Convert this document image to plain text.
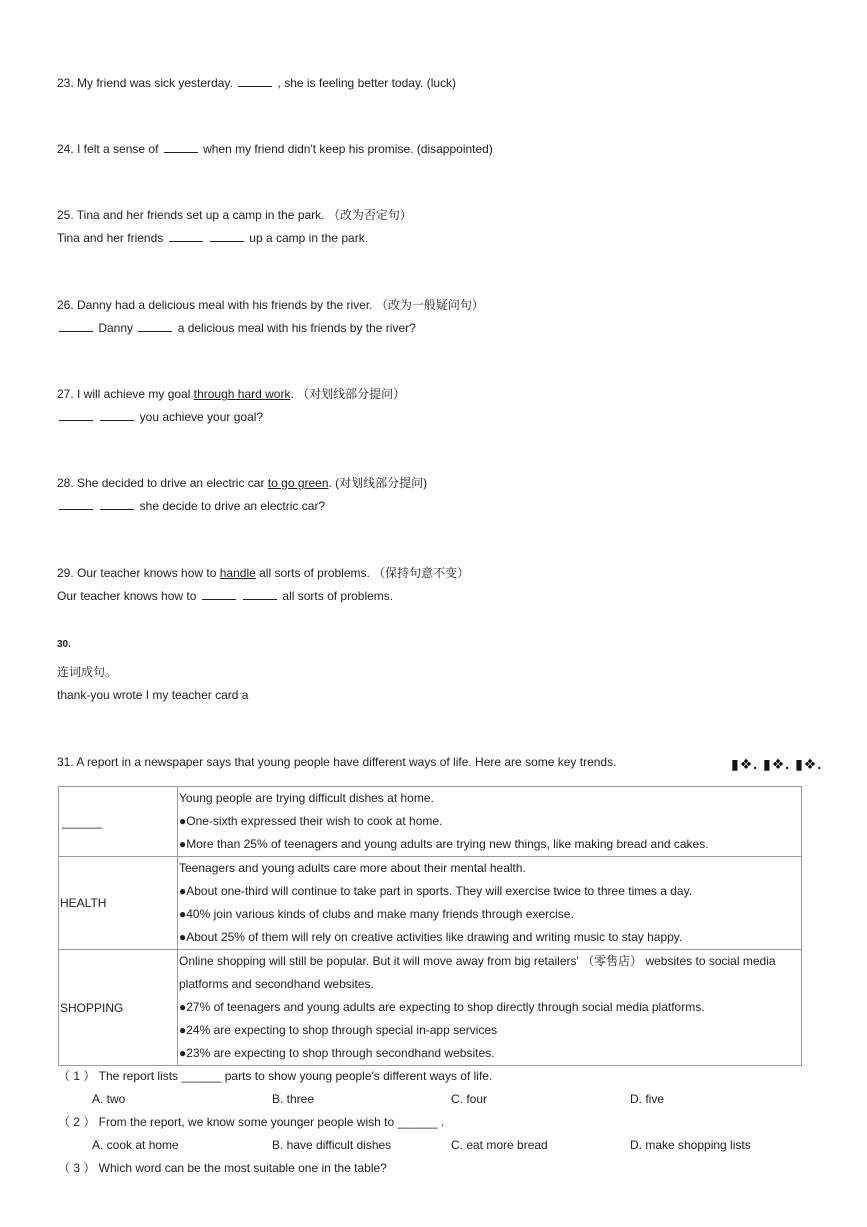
23. My friend was sick yesterday.	, she is feeling better today. (luck)
24. I felt a sense of	when my friend didn't keep his promise. (disappointed)
25. Tina and her friends set up a camp in the park. （改为否定句）
Tina and her friends	up a camp in the park.
26. Danny had a delicious meal with his friends by the river. （改为一般疑问句）
Danny	a delicious meal with his friends by the river?
27. I will achieve my goal through hard work. （对划线部分提问）
you achieve your goal?
28. She decided to drive an electric car to go green. (对划线部分提问)
she decide to drive an electric car?
29. Our teacher knows how to handle all sorts of problems. （保持句意不变）
Our teacher knows how to	all sorts of problems.
30.
连词成句。
thank-you wrote I my teacher card a
31. A report in a newspaper says that young people have different ways of life. Here are some key trends.	▮❖. ▮❖. ▮❖.
______	Young people are trying difficult dishes at home.
●One-sixth expressed their wish to cook at home.
●More than 25% of teenagers and young adults are trying new things, like making bread and cakes.

HEALTH	Teenagers and young adults care more about their mental health.
●About one-third will continue to take part in sports. They will exercise twice to three times a day.
●40% join various kinds of clubs and make many friends through exercise.
●About 25% of them will rely on creative activities like drawing and writing music to stay happy.

SHOPPING	Online shopping will still be popular. But it will move away from big retailers' （零售店） websites to social media
platforms and secondhand websites.
●27% of teenagers and young adults are expecting to shop directly through social media platforms.
●24% are expecting to shop through special in-app services
●23% are expecting to shop through secondhand websites.
（ 1 ） The report lists ______ parts to show young people's different ways of life.
A. two	B. three	C. four	D. five
（ 2 ） From the report, we know some younger people wish to ______ .
A. cook at home	B. have difficult dishes	C. eat more bread	D. make shopping lists
（ 3 ） Which word can be the most suitable one in the table?
